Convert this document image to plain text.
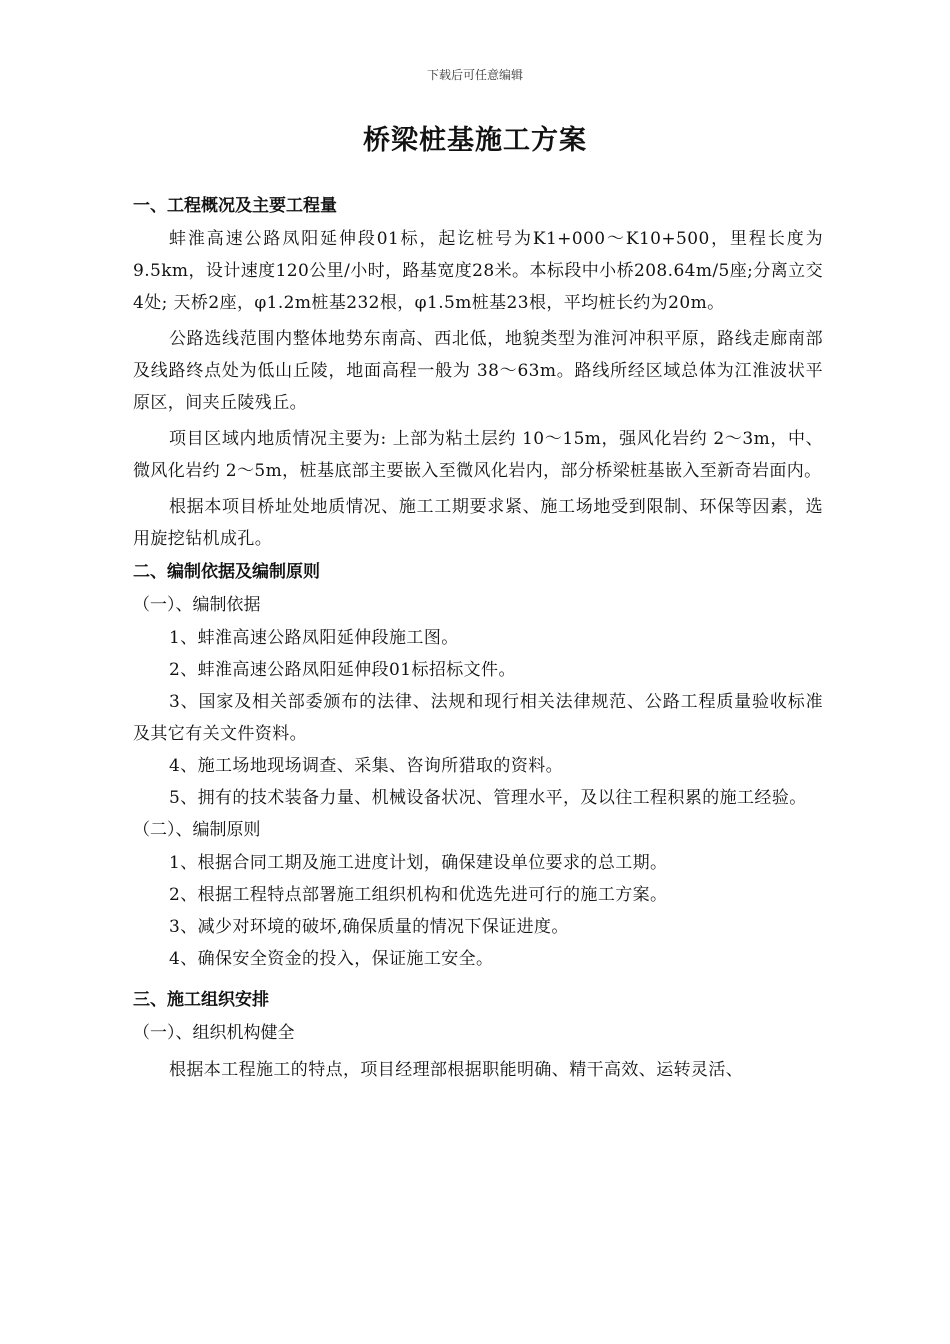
下载后可任意编辑
桥梁桩基施工方案
一、工程概况及主要工程量

蚌淮高速公路凤阳延伸段01标，起讫桩号为K1+000～K10+500，里程长度为9.5km，设计速度120公里/小时，路基宽度28米。本标段中小桥208.64m/5座;分离立交4处; 天桥2座，φ1.2m桩基232根，φ1.5m桩基23根，平均桩长约为20m。

公路选线范围内整体地势东南高、西北低，地貌类型为淮河冲积平原，路线走廊南部及线路终点处为低山丘陵，地面高程一般为 38～63m。路线所经区域总体为江淮波状平原区，间夹丘陵残丘。

项目区域内地质情况主要为: 上部为粘土层约 10～15m，强风化岩约 2～3m，中、微风化岩约 2～5m，桩基底部主要嵌入至微风化岩内，部分桥梁桩基嵌入至新奇岩面内。

根据本项目桥址处地质情况、施工工期要求紧、施工场地受到限制、环保等因素，选用旋挖钻机成孔。

二、编制依据及编制原则
（一）、编制依据

1、蚌淮高速公路凤阳延伸段施工图。

2、蚌淮高速公路凤阳延伸段01标招标文件。

3、国家及相关部委颁布的法律、法规和现行相关法律规范、公路工程质量验收标准及其它有关文件资料。

4、施工场地现场调查、采集、咨询所猎取的资料。

5、拥有的技术装备力量、机械设备状况、管理水平，及以往工程积累的施工经验。

（二）、编制原则

1、根据合同工期及施工进度计划，确保建设单位要求的总工期。

2、根据工程特点部署施工组织机构和优选先进可行的施工方案。

3、减少对环境的破坏,确保质量的情况下保证进度。

4、确保安全资金的投入，保证施工安全。

三、施工组织安排
（一）、组织机构健全

根据本工程施工的特点，项目经理部根据职能明确、精干高效、运转灵活、
